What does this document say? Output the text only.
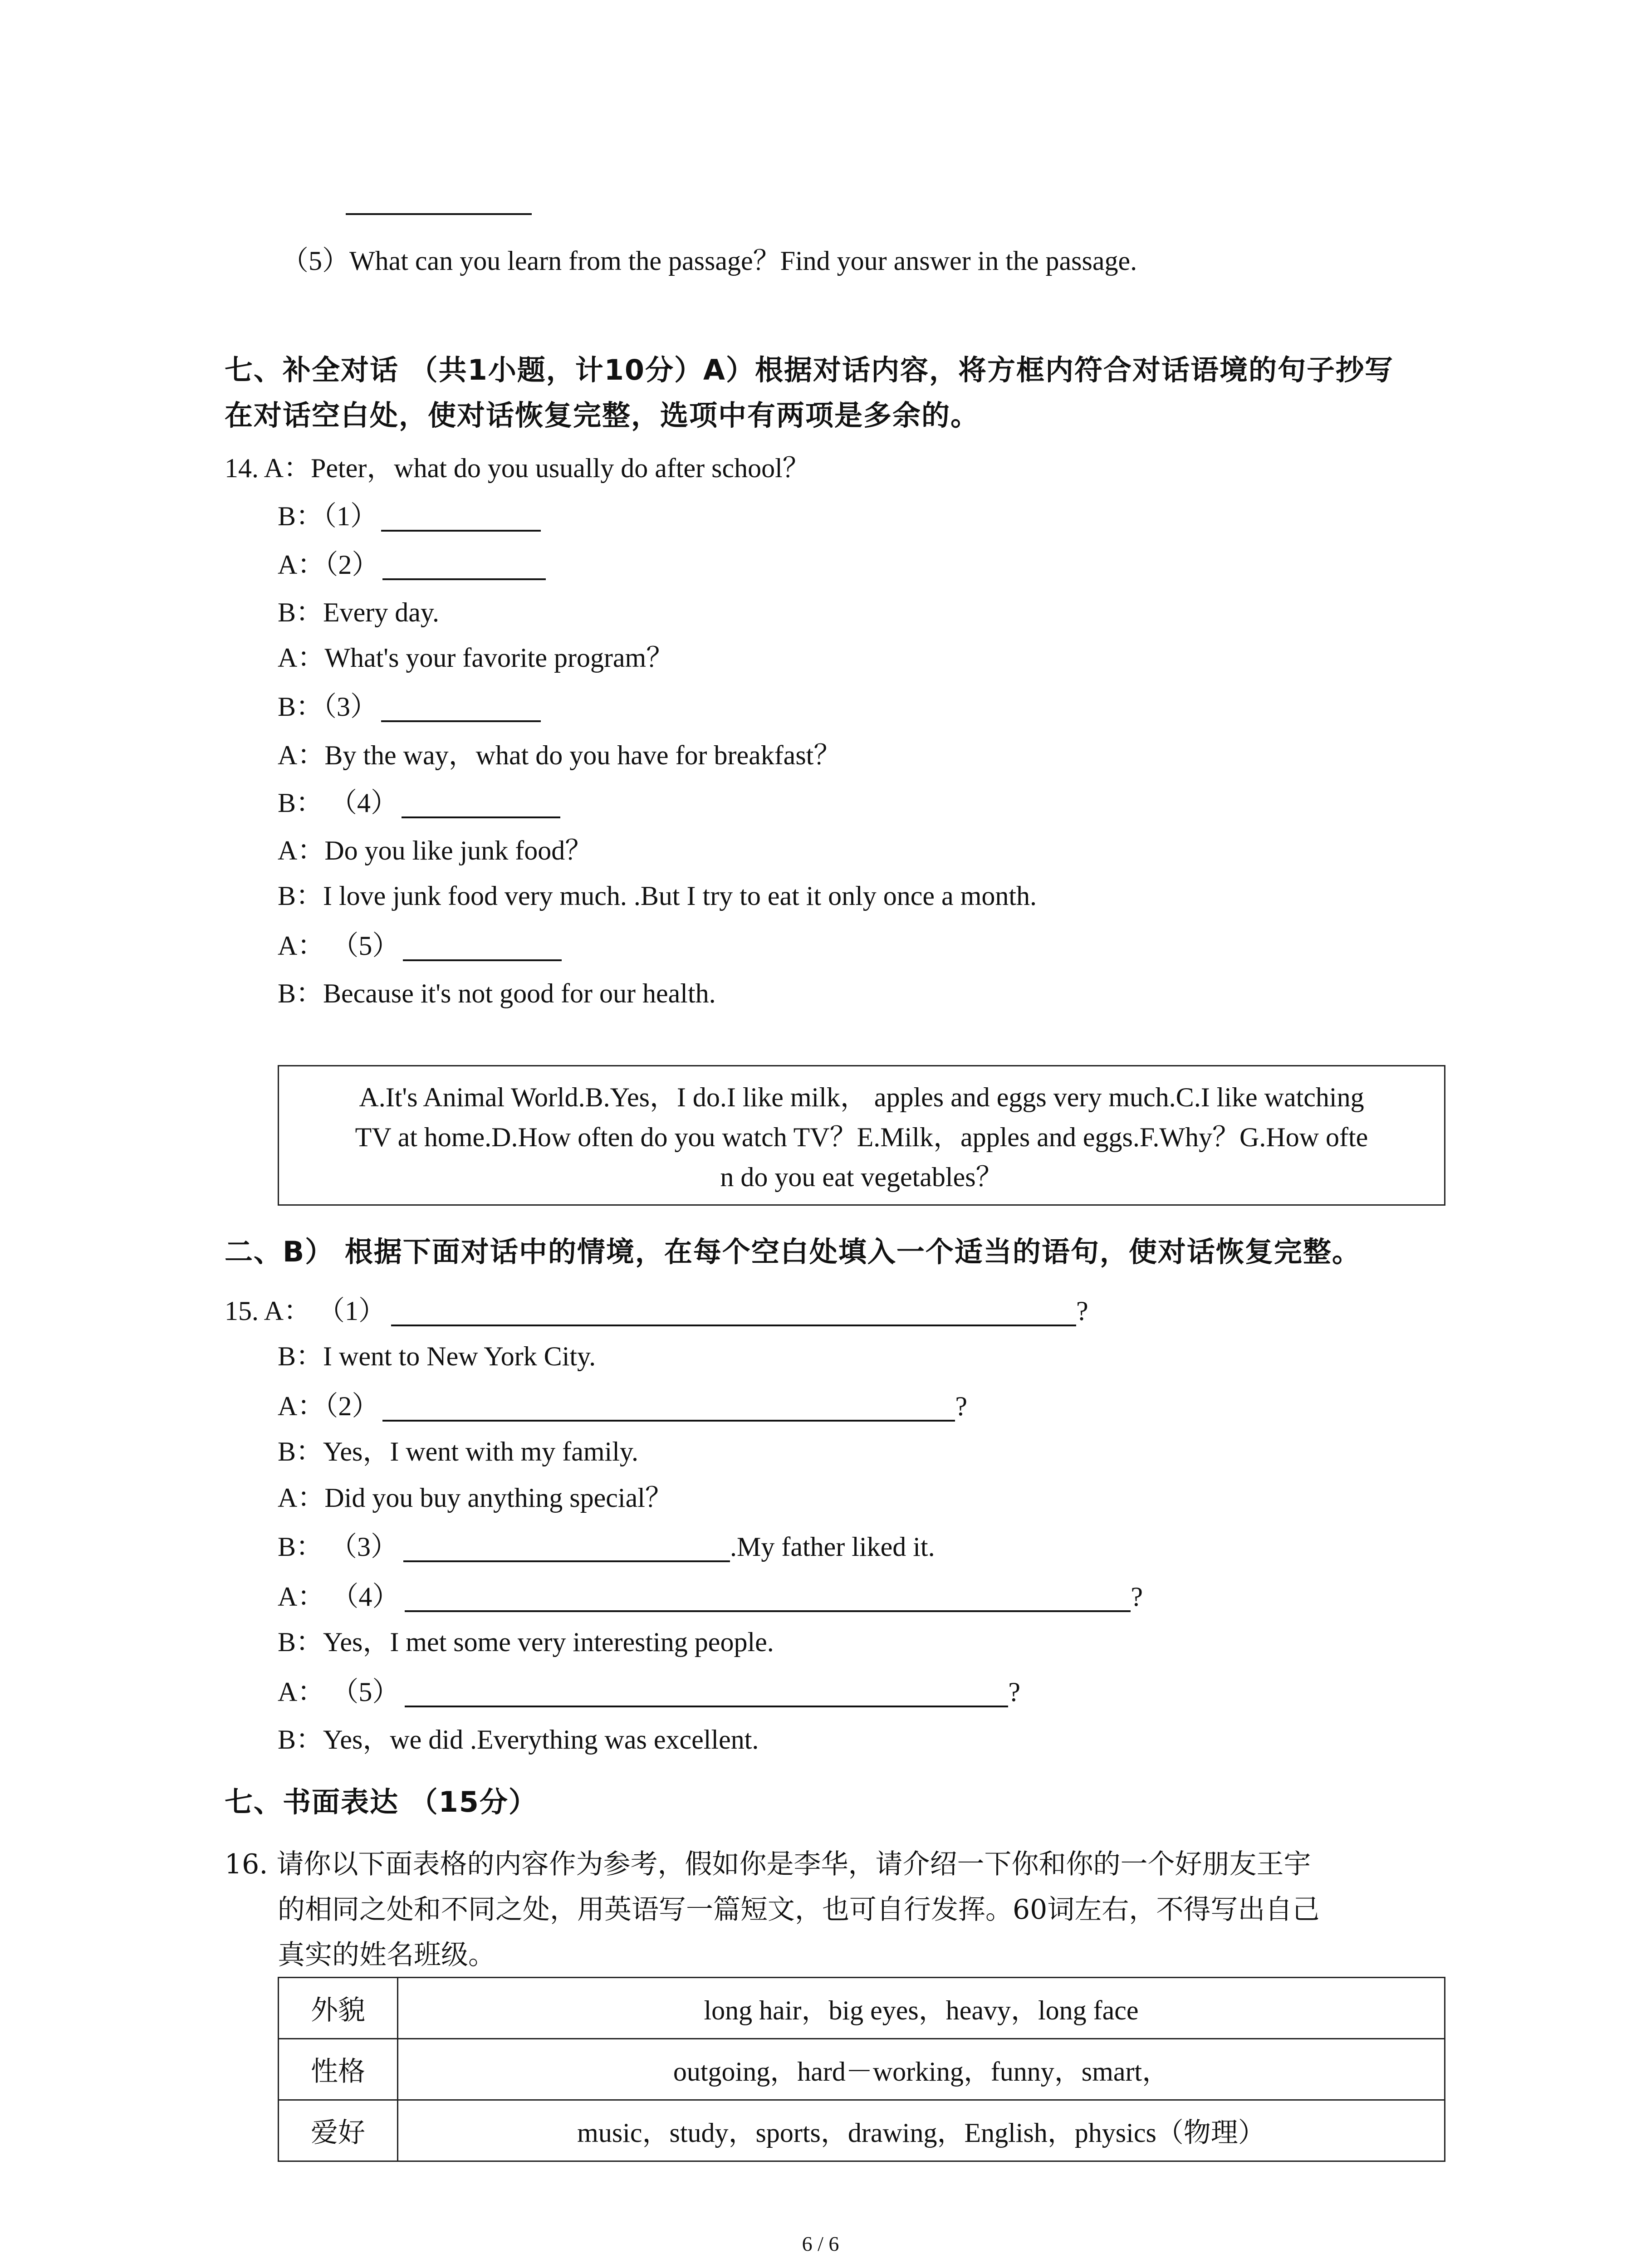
（5）What can you learn from the passage？Find your answer in the passage.
七、补全对话 （共1小题，计10分）A）根据对话内容，将方框内符合对话语境的句子抄写
在对话空白处，使对话恢复完整，选项中有两项是多余的。
14. A：Peter，what do you usually do after school？
B：（1）
A：（2）
B：Every day.
A：What's your favorite program？
B：（3）
A：By the way，what do you have for breakfast？
B： （4）
A：Do you like junk food？
B：I love junk food very much. .But I try to eat it only once a month.
A： （5）
B：Because it's not good for our health.
A.It's Animal World.B.Yes，I do.I like milk， apples and eggs very much.C.I like watching
TV at home.D.How often do you watch TV？E.Milk，apples and eggs.F.Why？G.How ofte
n do you eat vegetables？
二、B） 根据下面对话中的情境，在每个空白处填入一个适当的语句，使对话恢复完整。
15. A： （1）	?
B：I went to New York City.
A：（2）	?
B：Yes，I went with my family.
A：Did you buy anything special？
B： （3）	.My father liked it.
A： （4）	?
B：Yes，I met some very interesting people.
A： （5）	?
B：Yes，we did .Everything was excellent.
七、书面表达 （15分）
16. 请你以下面表格的内容作为参考，假如你是李华，请介绍一下你和你的一个好朋友王宇
的相同之处和不同之处，用英语写一篇短文，也可自行发挥。60词左右，不得写出自己
真实的姓名班级。
外貌	long hair，big eyes，heavy，long face
性格	outgoing，hard－working，funny，smart，
爱好	music，study，sports，drawing，English，physics（物理）
6 / 6
